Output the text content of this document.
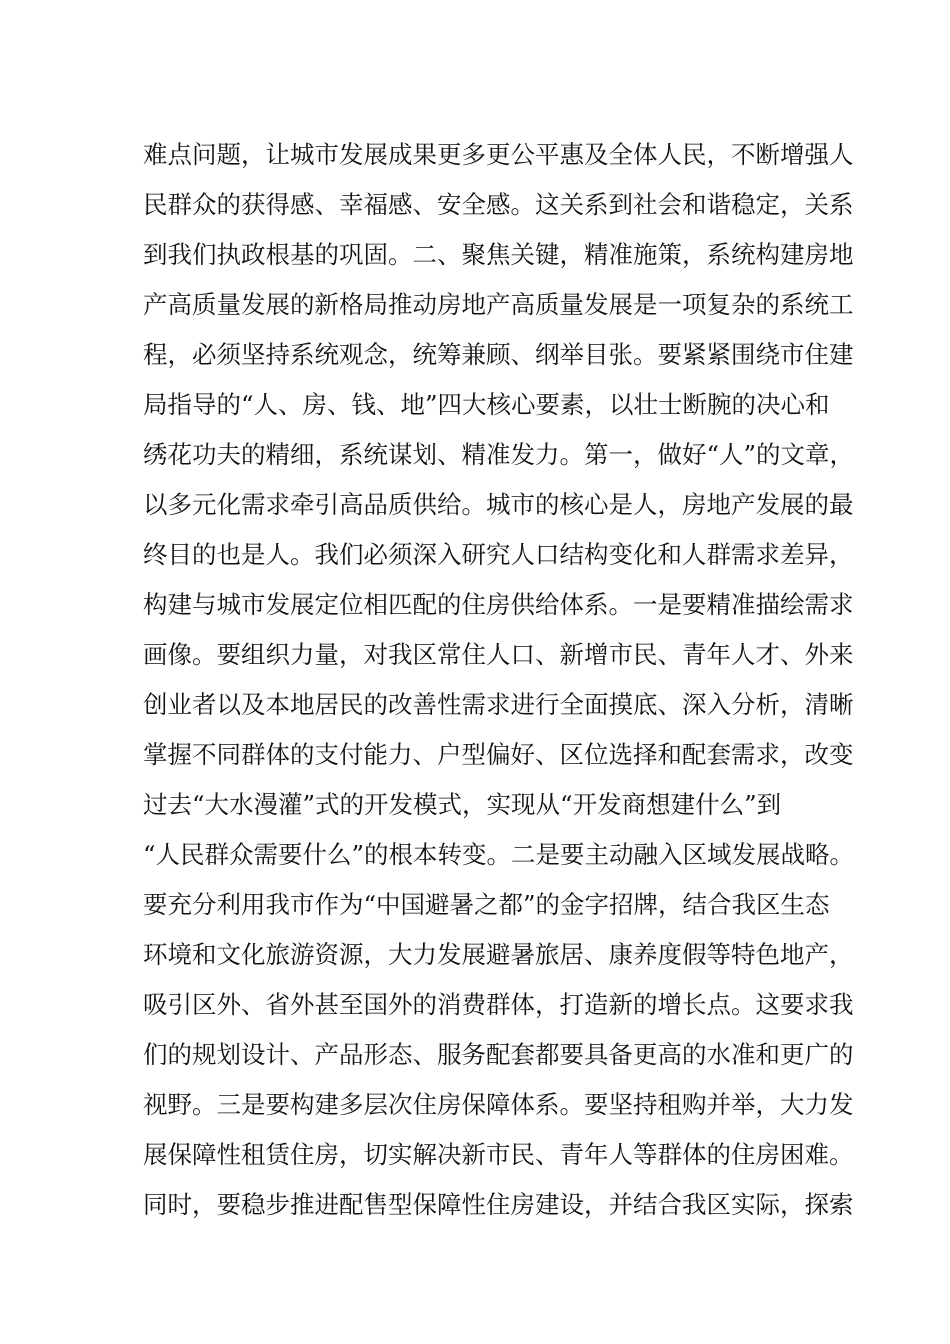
难点问题，让城市发展成果更多更公平惠及全体人民，不断增强人
民群众的获得感、幸福感、安全感。这关系到社会和谐稳定，关系
到我们执政根基的巩固。二、聚焦关键，精准施策，系统构建房地
产高质量发展的新格局推动房地产高质量发展是一项复杂的系统工
程，必须坚持系统观念，统筹兼顾、纲举目张。要紧紧围绕市住建
局指导的“人、房、钱、地”四大核心要素，以壮士断腕的决心和
绣花功夫的精细，系统谋划、精准发力。第一，做好“人”的文章，
以多元化需求牵引高品质供给。城市的核心是人，房地产发展的最
终目的也是人。我们必须深入研究人口结构变化和人群需求差异，
构建与城市发展定位相匹配的住房供给体系。一是要精准描绘需求
画像。要组织力量，对我区常住人口、新增市民、青年人才、外来
创业者以及本地居民的改善性需求进行全面摸底、深入分析，清晰
掌握不同群体的支付能力、户型偏好、区位选择和配套需求，改变
过去“大水漫灌”式的开发模式，实现从“开发商想建什么”到
“人民群众需要什么”的根本转变。二是要主动融入区域发展战略。
要充分利用我市作为“中国避暑之都”的金字招牌，结合我区生态
环境和文化旅游资源，大力发展避暑旅居、康养度假等特色地产，
吸引区外、省外甚至国外的消费群体，打造新的增长点。这要求我
们的规划设计、产品形态、服务配套都要具备更高的水准和更广的
视野。三是要构建多层次住房保障体系。要坚持租购并举，大力发
展保障性租赁住房，切实解决新市民、青年人等群体的住房困难。
同时，要稳步推进配售型保障性住房建设，并结合我区实际，探索
